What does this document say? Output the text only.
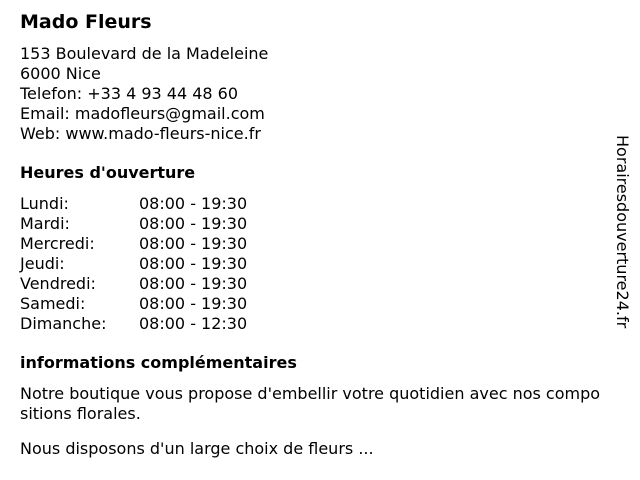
Mado Fleurs
153 Boulevard de la Madeleine
6000 Nice
Telefon: +33 4 93 44 48 60
Email: madofleurs@gmail.com
Web: www.mado-fleurs-nice.fr
Heures d'ouverture
Lundi:	08:00 - 19:30
Mardi:	08:00 - 19:30
Mercredi:	08:00 - 19:30
Jeudi:	08:00 - 19:30
Vendredi:	08:00 - 19:30
Samedi:	08:00 - 19:30
Dimanche:	08:00 - 12:30
informations complémentaires
Notre boutique vous propose d'embellir votre quotidien avec nos compositions florales.
Nous disposons d'un large choix de fleurs ...
Horairesdouverture24.fr
